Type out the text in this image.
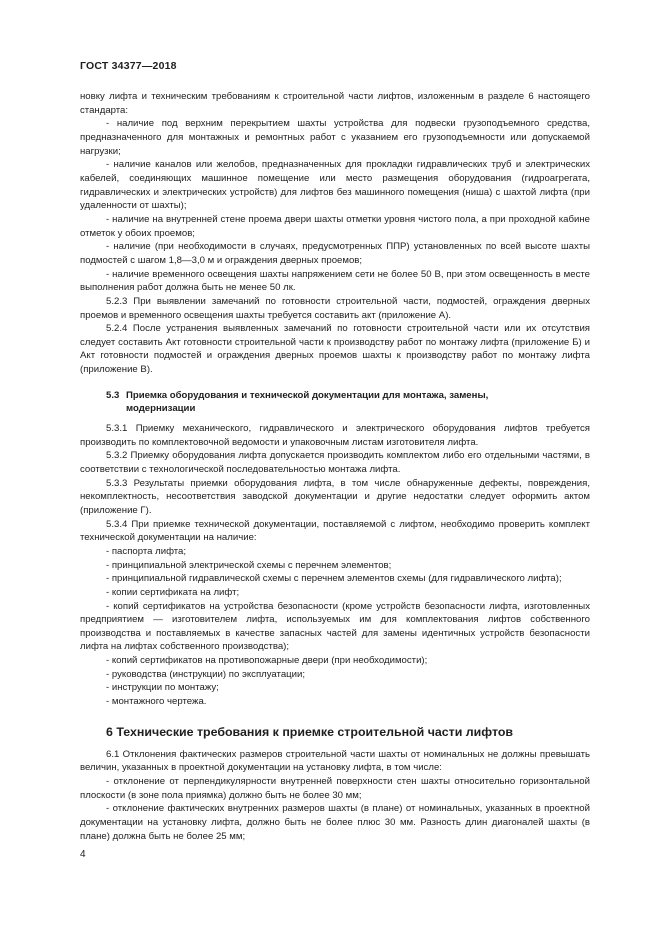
ГОСТ 34377—2018

новку лифта и техническим требованиям к строительной части лифтов, изложенным в разделе 6 настоящего стандарта:

- наличие под верхним перекрытием шахты устройства для подвески грузоподъемного средства, предназначенного для монтажных и ремонтных работ с указанием его грузоподъемности или допускаемой нагрузки;

- наличие каналов или желобов, предназначенных для прокладки гидравлических труб и электрических кабелей, соединяющих машинное помещение или место размещения оборудования (гидроагрегата, гидравлических и электрических устройств) для лифтов без машинного помещения (ниша) с шахтой лифта (при удаленности от шахты);

- наличие на внутренней стене проема двери шахты отметки уровня чистого пола, а при проходной кабине отметок у обоих проемов;

- наличие (при необходимости в случаях, предусмотренных ППР) установленных по всей высоте шахты подмостей с шагом 1,8—3,0 м и ограждения дверных проемов;

- наличие временного освещения шахты напряжением сети не более 50 В, при этом освещенность в месте выполнения работ должна быть не менее 50 лк.

5.2.3 При выявлении замечаний по готовности строительной части, подмостей, ограждения дверных проемов и временного освещения шахты требуется составить акт (приложение А).

5.2.4 После устранения выявленных замечаний по готовности строительной части или их отсутствия следует составить Акт готовности строительной части к производству работ по монтажу лифта (приложение Б) и Акт готовности подмостей и ограждения дверных проемов шахты к производству работ по монтажу лифта (приложение В).

5.3 Приемка оборудования и технической документации для монтажа, замены,
модернизации

5.3.1 Приемку механического, гидравлического и электрического оборудования лифтов требуется производить по комплектовочной ведомости и упаковочным листам изготовителя лифта.

5.3.2 Приемку оборудования лифта допускается производить комплектом либо его отдельными частями, в соответствии с технологической последовательностью монтажа лифта.

5.3.3 Результаты приемки оборудования лифта, в том числе обнаруженные дефекты, повреждения, некомплектность, несоответствия заводской документации и другие недостатки следует оформить актом (приложение Г).

5.3.4 При приемке технической документации, поставляемой с лифтом, необходимо проверить комплект технической документации на наличие:

- паспорта лифта;

- принципиальной электрической схемы с перечнем элементов;

- принципиальной гидравлической схемы с перечнем элементов схемы (для гидравлического лифта);

- копии сертификата на лифт;

- копий сертификатов на устройства безопасности (кроме устройств безопасности лифта, изготовленных предприятием — изготовителем лифта, используемых им для комплектования лифтов собственного производства и поставляемых в качестве запасных частей для замены идентичных устройств безопасности лифта на лифтах собственного производства);

- копий сертификатов на противопожарные двери (при необходимости);

- руководства (инструкции) по эксплуатации;

- инструкции по монтажу;

- монтажного чертежа.

6 Технические требования к приемке строительной части лифтов

6.1 Отклонения фактических размеров строительной части шахты от номинальных не должны превышать величин, указанных в проектной документации на установку лифта, в том числе:

- отклонение от перпендикулярности внутренней поверхности стен шахты относительно горизонтальной плоскости (в зоне пола приямка) должно быть не более 30 мм;

- отклонение фактических внутренних размеров шахты (в плане) от номинальных, указанных в проектной документации на установку лифта, должно быть не более плюс 30 мм. Разность длин диагоналей шахты (в плане) должна быть не более 25 мм;

4
